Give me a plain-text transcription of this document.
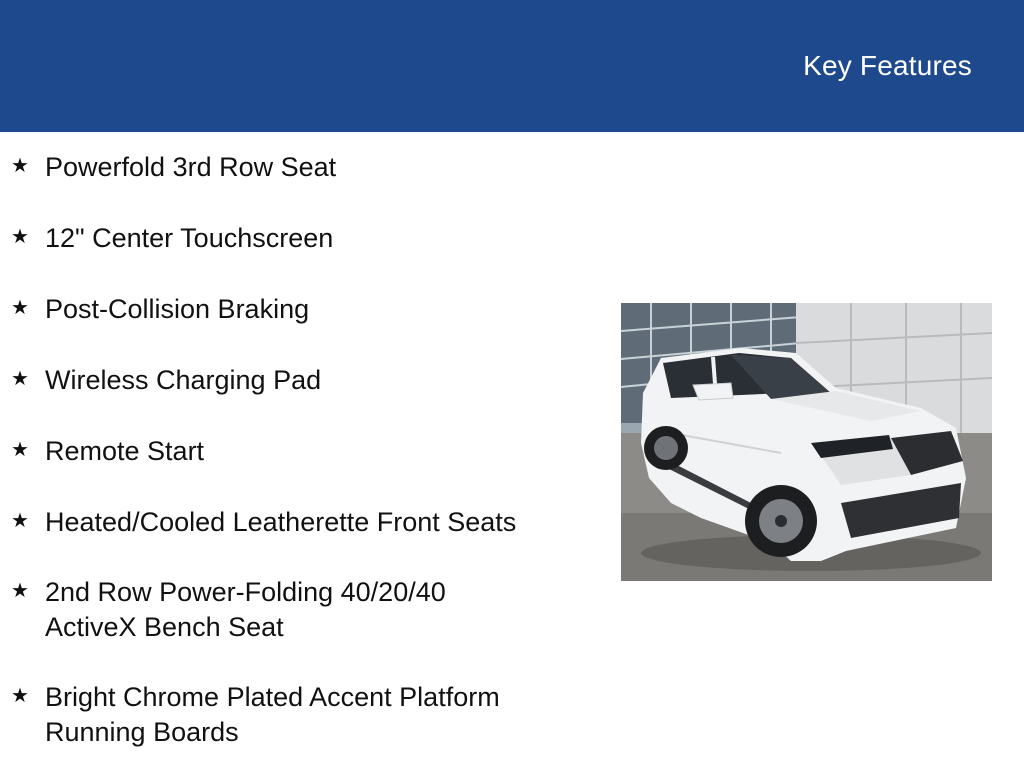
Key Features
★ Powerfold 3rd Row Seat
★ 12" Center Touchscreen
★ Post-Collision Braking
★ Wireless Charging Pad
★ Remote Start
★ Heated/Cooled Leatherette Front Seats
★ 2nd Row Power-Folding 40/20/40
ActiveX Bench Seat
★ Bright Chrome Plated Accent Platform
Running Boards
